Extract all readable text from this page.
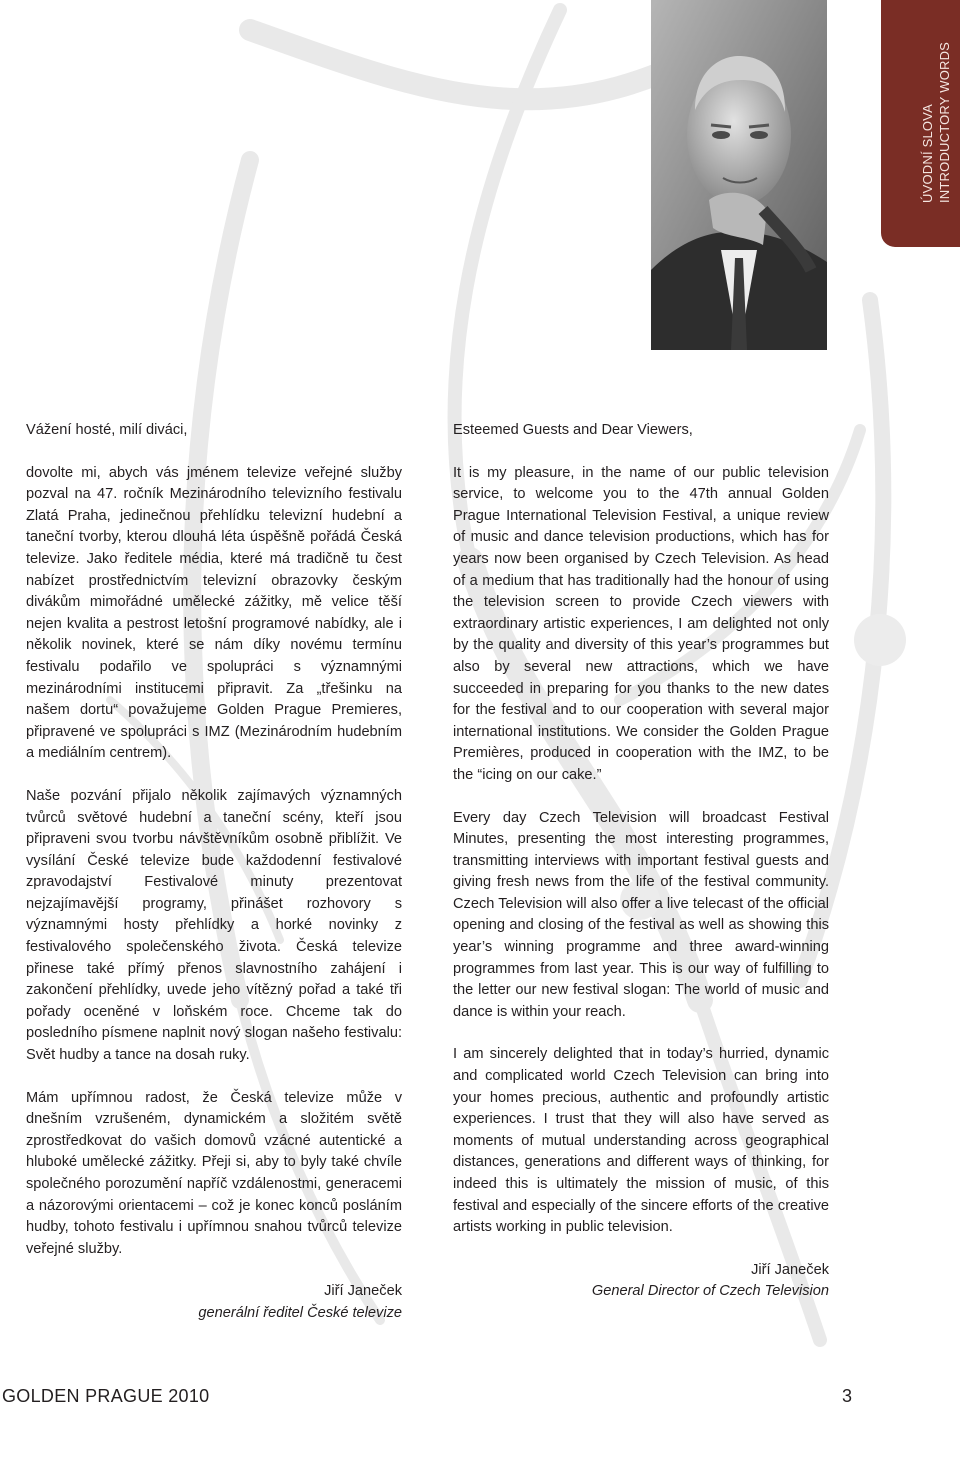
ÚVODNÍ SLOVA INTRODUCTORY WORDS

Vážení hosté, milí diváci,

dovolte mi, abych vás jménem televize veřejné služby pozval na 47. ročník Mezinárodního televizního festivalu Zlatá Praha, jedinečnou přehlídku televizní hudební a taneční tvorby, kterou dlouhá léta úspěšně pořádá Česká televize. Jako ředitele média, které má tradičně tu čest nabízet prostřednictvím televizní obrazovky českým divákům mimořádné umělecké zážitky, mě velice těší nejen kvalita a pestrost letošní programové nabídky, ale i několik novinek, které se nám díky novému termínu festivalu podařilo ve spolupráci s významnými mezinárodními institucemi připravit. Za „třešinku na našem dortu“ považujeme Golden Prague Premieres, připravené ve spolupráci s IMZ (Mezinárodním hudebním a mediálním centrem).

Naše pozvání přijalo několik zajímavých významných tvůrců světové hudební a taneční scény, kteří jsou připraveni svou tvorbu návštěvníkům osobně přiblížit. Ve vysílání České televize bude každodenní festivalové zpravodajství Festivalové minuty prezentovat nejzajímavější programy, přinášet rozhovory s významnými hosty přehlídky a horké novinky z festivalového společenského života. Česká televize přinese také přímý přenos slavnostního zahájení i zakončení přehlídky, uvede jeho vítězný pořad a také tři pořady oceněné v loňském roce. Chceme tak do posledního písmene naplnit nový slogan našeho festivalu: Svět hudby a tance na dosah ruky.

Mám upřímnou radost, že Česká televize může v dnešním vzrušeném, dynamickém a složitém světě zprostředkovat do vašich domovů vzácné autentické a hluboké umělecké zážitky. Přeji si, aby to byly také chvíle společného porozumění napříč vzdálenostmi, generacemi a názorovými orientacemi – což je konec konců posláním hudby, tohoto festivalu i upřímnou snahou tvůrců televize veřejné služby.

Jiří Janeček
generální ředitel České televize

Esteemed Guests and Dear Viewers,

It is my pleasure, in the name of our public television service, to welcome you to the 47th annual Golden Prague International Television Festival, a unique review of music and dance television productions, which has for years now been organised by Czech Television. As head of a medium that has traditionally had the honour of using the television screen to provide Czech viewers with extraordinary artistic experiences, I am delighted not only by the quality and diversity of this year’s programmes but also by several new attractions, which we have succeeded in preparing for you thanks to the new dates for the festival and to our cooperation with several major international institutions. We consider the Golden Prague Premières, produced in cooperation with the IMZ, to be the “icing on our cake.”

Every day Czech Television will broadcast Festival Minutes, presenting the most interesting programmes, transmitting interviews with important festival guests and giving fresh news from the life of the festival community. Czech Television will also offer a live telecast of the official opening and closing of the festival as well as showing this year’s winning programme and three award-winning programmes from last year. This is our way of fulfilling to the letter our new festival slogan: The world of music and dance is within your reach.

I am sincerely delighted that in today’s hurried, dynamic and complicated world Czech Television can bring into your homes precious, authentic and profoundly artistic experiences. I trust that they will also have served as moments of mutual understanding across geographical distances, generations and different ways of thinking, for indeed this is ultimately the mission of music, of this festival and especially of the sincere efforts of the creative artists working in public television.

Jiří Janeček
General Director of Czech Television
GOLDEN PRAGUE 2010	3
